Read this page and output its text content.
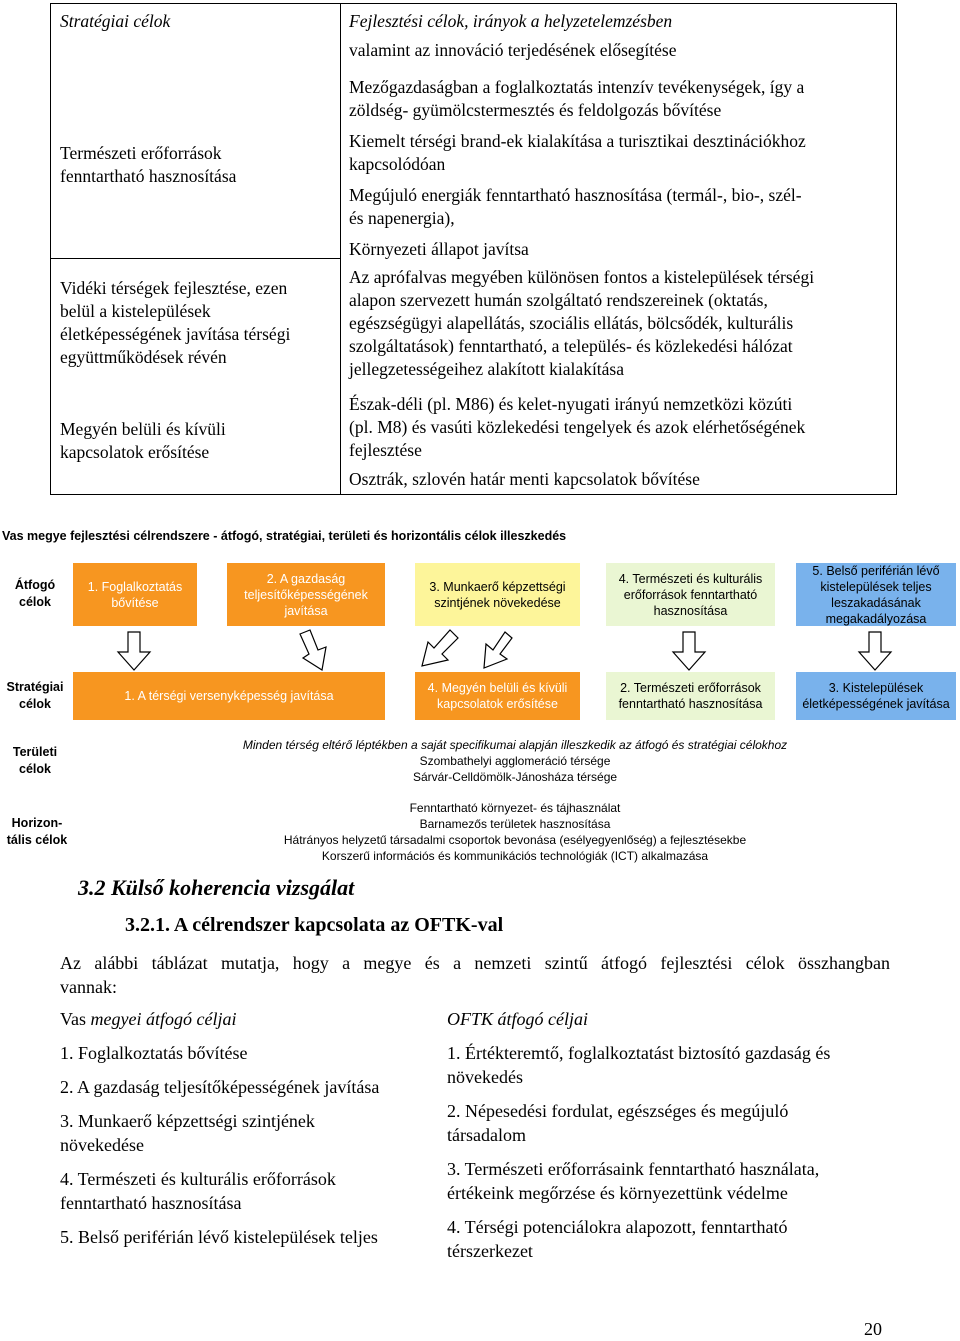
Stratégiai célok	Fejlesztési célok, irányok a helyzetelemzésben
valamint az innováció terjedésének elősegítése
Természeti erőforrások
fenntartható hasznosítása
Mezőgazdaságban a foglalkoztatás intenzív tevékenységek, így a
zöldség- gyümölcstermesztés és feldolgozás bővítése
Kiemelt térségi brand-ek kialakítása a turisztikai desztinációkhoz
kapcsolódóan
Megújuló energiák fenntartható hasznosítása (termál-, bio-, szél-
és napenergia),
Környezeti állapot javítsa
Vidéki térségek fejlesztése, ezen
belül a kistelepülések
életképességének javítása térségi
együttműködések révén
Az aprófalvas megyében különösen fontos a kistelepülések térségi
alapon szervezett humán szolgáltató rendszereinek (oktatás,
egészségügyi alapellátás, szociális ellátás, bölcsődék, kulturális
szolgáltatások) fenntartható, a település- és közlekedési hálózat
jellegzetességeihez alakított kialakítása
Megyén belüli és kívüli
kapcsolatok erősítése
Észak-déli (pl. M86) és kelet-nyugati irányú nemzetközi közúti
(pl. M8) és vasúti közlekedési tengelyek és azok elérhetőségének
fejlesztése
Osztrák, szlovén határ menti kapcsolatok bővítése
Vas megye fejlesztési célrendszere - átfogó, stratégiai, területi és horizontális célok illeszkedés
Átfogó
célok
Stratégiai
célok
Területi
célok
Horizon-
tális célok
1. Foglalkoztatás bővítése
2. A gazdaság teljesítőképességének javítása
3. Munkaerő képzettségi szintjének növekedése
4. Természeti és kulturális erőforrások fenntartható hasznosítása
5. Belső periférián lévő kistelepülések teljes leszakadásának megakadályozása
1. A térségi versenyképesség javítása
4. Megyén belüli és kívüli kapcsolatok erősítése
2. Természeti erőforrások fenntartható hasznosítása
3. Kistelepülések életképességének javítása
Minden térség eltérő léptékben a saját specifikumai alapján illeszkedik az átfogó és stratégiai célokhoz
Szombathelyi agglomeráció térsége
Sárvár-Celldömölk-Jánosháza térsége
Fenntartható környezet- és tájhasználat
Barnamezős területek hasznosítása
Hátrányos helyzetű társadalmi csoportok bevonása (esélyegyenlőség) a fejlesztésekbe
Korszerű információs és kommunikációs technológiák (ICT) alkalmazása
3.2 Külső koherencia vizsgálat
3.2.1. A célrendszer kapcsolata az OFTK-val
Az alábbi táblázat mutatja, hogy a megye és a nemzeti szintű átfogó fejlesztési célok összhangban
vannak:
Vas megyei átfogó céljai
1. Foglalkoztatás bővítése
2. A gazdaság teljesítőképességének javítása
3. Munkaerő képzettségi szintjének
növekedése
4. Természeti és kulturális erőforrások
fenntartható hasznosítása
5. Belső periférián lévő kistelepülések teljes
OFTK átfogó céljai
1. Értékteremtő, foglalkoztatást biztosító gazdaság és
növekedés
2. Népesedési fordulat, egészséges és megújuló
társadalom
3. Természeti erőforrásaink fenntartható használata,
értékeink megőrzése és környezettünk védelme
4. Térségi potenciálokra alapozott, fenntartható
térszerkezet
20
